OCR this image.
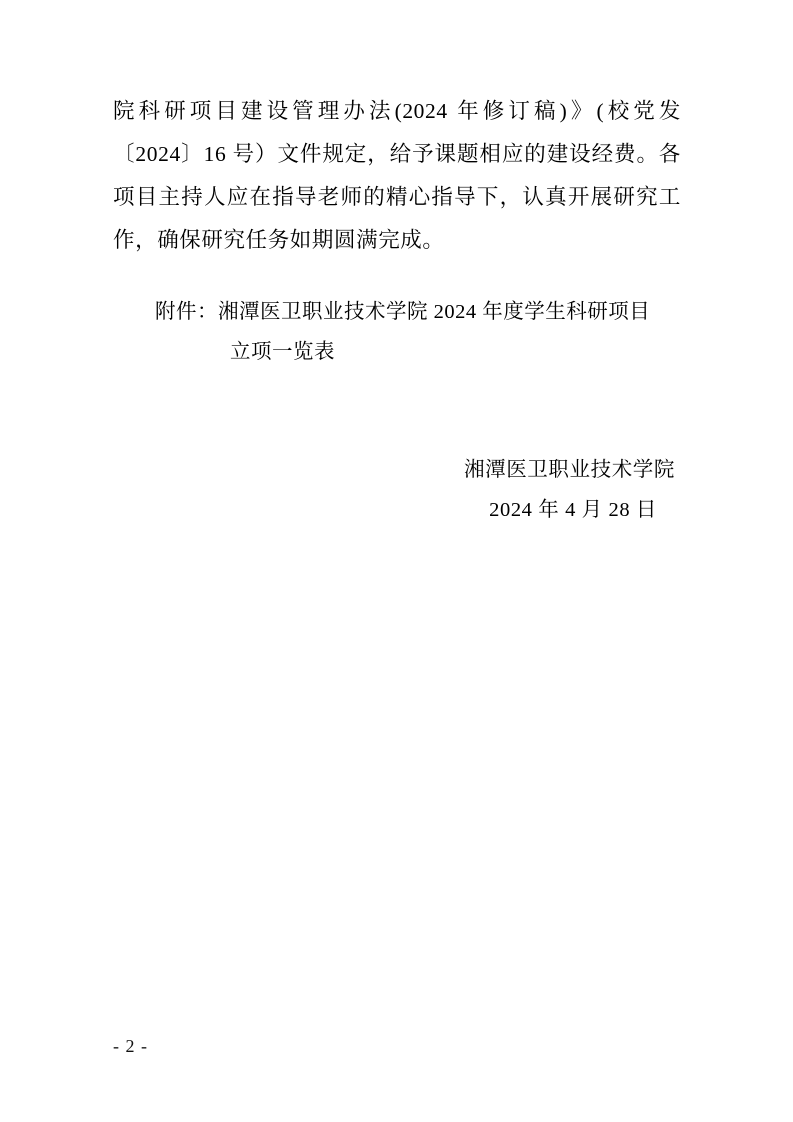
院科研项目建设管理办法(2024 年修订稿)》(校党发〔2024〕16 号）文件规定，给予课题相应的建设经费。各项目主持人应在指导老师的精心指导下，认真开展研究工作，确保研究任务如期圆满完成。

附件：湘潭医卫职业技术学院 2024 年度学生科研项目

立项一览表

湘潭医卫职业技术学院

2024 年 4 月 28 日

- 2 -
